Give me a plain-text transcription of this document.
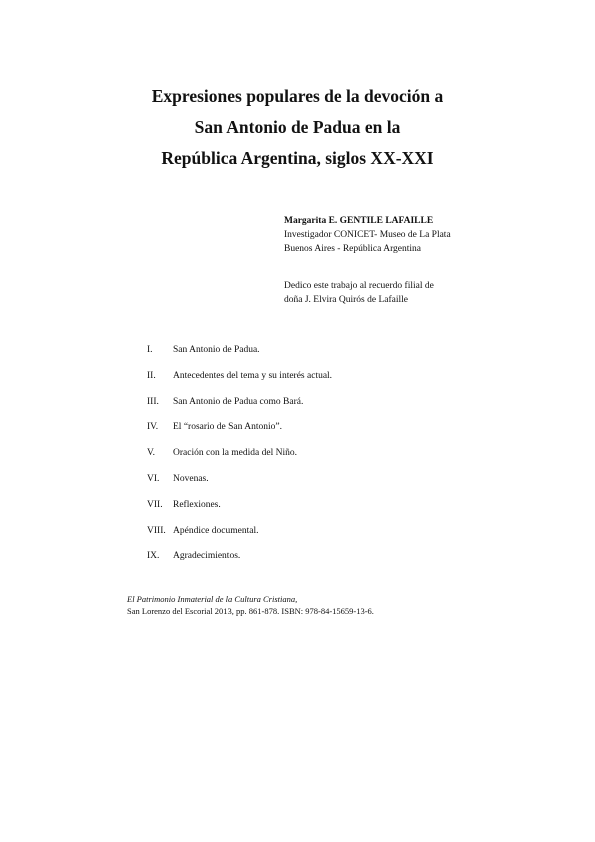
Expresiones populares de la devoción a
San Antonio de Padua en la
República Argentina, siglos XX-XXI
Margarita E. GENTILE LAFAILLE
Investigador CONICET- Museo de La Plata
Buenos Aires - República Argentina
Dedico este trabajo al recuerdo filial de
doña J. Elvira Quirós de Lafaille
I. San Antonio de Padua.
II. Antecedentes del tema y su interés actual.
III. San Antonio de Padua como Bará.
IV. El “rosario de San Antonio”.
V. Oración con la medida del Niño.
VI. Novenas.
VII. Reflexiones.
VIII. Apéndice documental.
IX. Agradecimientos.
El Patrimonio Inmaterial de la Cultura Cristiana,
San Lorenzo del Escorial 2013, pp. 861-878. ISBN: 978-84-15659-13-6.
